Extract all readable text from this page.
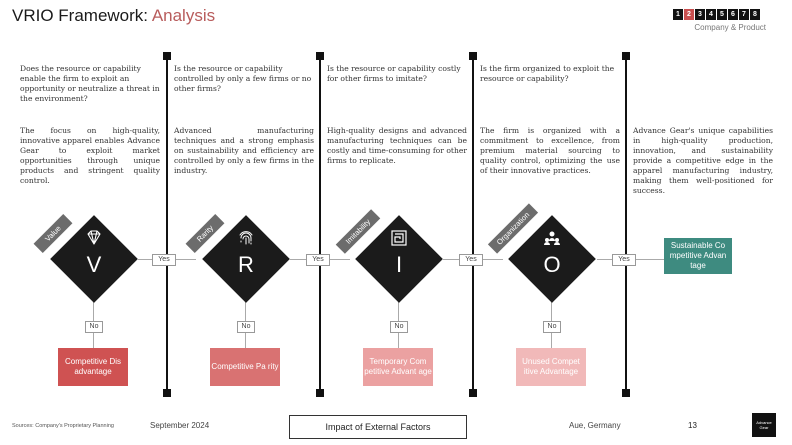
VRIO Framework: Analysis	1	2	3	4	5	6	7	8
Company & Product
Does the resource or capability enable the firm to exploit an opportunity or neutralize a threat in the environment?
Is the resource or capability controlled by only a few firms or no other firms?
Is the resource or capability costly for other firms to imitate?
Is the firm organized to exploit the resource or capability?
The focus on high-quality, innovative apparel enables Advance Gear to exploit market opportunities through unique products and stringent quality control.
Advanced manufacturing techniques and a strong emphasis on sustainability and efficiency are controlled by only a few firms in the industry.
High-quality designs and advanced manufacturing techniques can be costly and time-consuming for other firms to replicate.
The firm is organized with a commitment to excellence, from premium material sourcing to quality control, optimizing the use of their innovative practices.
Advance Gear's unique capabilities in high-quality production, innovation, and sustainability provide a competitive edge in the apparel manufacturing industry, making them well-positioned for success.
Yes	Yes	Yes	Yes
No	No	No	No
Value	Rarity	Imitability	Organization
V	R	I	O
Competitive Dis advantage
Competitive Pa rity
Temporary Com petitive Advant age
Unused Compet itive Advantage
Sustainable Co mpetitive Advan tage
Sources: Company's Proprietary Planning	September 2024	Impact of External Factors	Aue, Germany	13	Advance Gear
